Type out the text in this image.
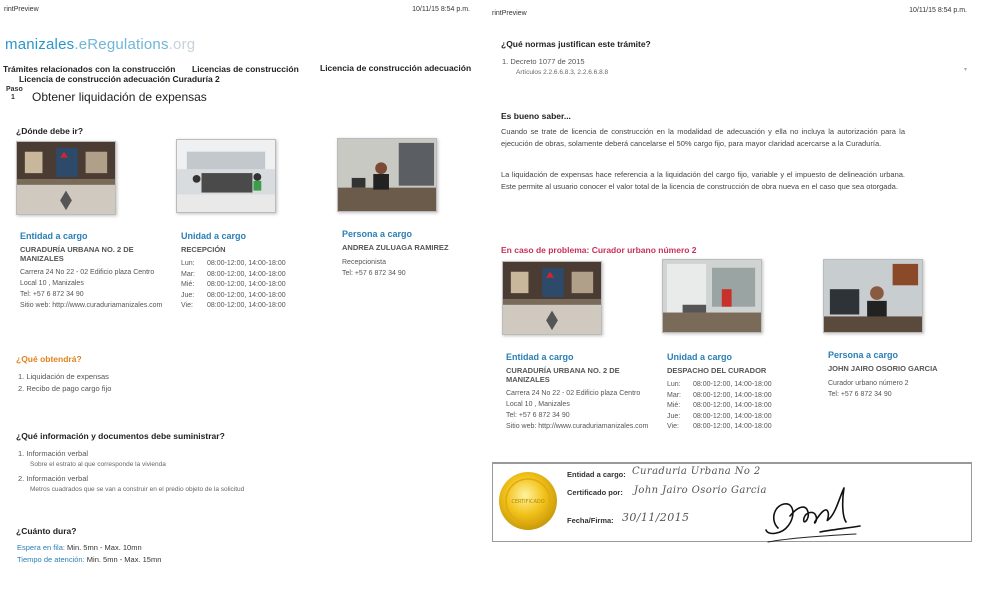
rintPreview	10/11/15 8:54 p.m.
manizales.eRegulations.org
Trámites relacionados con la construcción Licencias de construcción Licencia de construcción adecuación
Licencia de construcción adecuación Curaduría 2
Paso
1	Obtener liquidación de expensas
¿Dónde debe ir?
Entidad a cargo
CURADURÍA URBANA NO. 2 DE
MANIZALES
Carrera 24 No 22 - 02 Edificio plaza Centro
Local 10 , Manizales
Tel: +57 6 872 34 90
Sitio web: http://www.curaduriamanizales.com
Unidad a cargo
RECEPCIÓN
Lun:	08:00-12:00, 14:00-18:00
Mar:	08:00-12:00, 14:00-18:00
Mié:	08:00-12:00, 14:00-18:00
Jue:	08:00-12:00, 14:00-18:00
Vie:	08:00-12:00, 14:00-18:00
Persona a cargo
ANDREA ZULUAGA RAMIREZ
Recepcionista
Tel: +57 6 872 34 90
¿Qué obtendrá?
1. Liquidación de expensas
2. Recibo de pago cargo fijo
¿Qué información y documentos debe suministrar?
1. Información verbal
Sobre el estrato al que corresponde la vivienda
2. Información verbal
Metros cuadrados que se van a construir en el predio objeto de la solicitud
¿Cuánto dura?
Espera en fila: Min. 5mn - Max. 10mn
Tiempo de atención: Min. 5mn - Max. 15mn
rintPreview	10/11/15 8:54 p.m.
¿Qué normas justifican este trámite?
1. Decreto 1077 de 2015
Artículos 2.2.6.6.8.3, 2.2.6.6.8.8	▾
Es bueno saber...
Cuando se trate de licencia de construcción en la modalidad de adecuación y ella no incluya la autorización para la ejecución de obras, solamente deberá cancelarse el 50% cargo fijo, para mayor claridad acercarse a la Curaduría.
La liquidación de expensas hace referencia a la liquidación del cargo fijo, variable y el impuesto de delineación urbana. Este permite al usuario conocer el valor total de la licencia de construcción de obra nueva en el caso que sea otorgada.
En caso de problema: Curador urbano número 2
Entidad a cargo
CURADURÍA URBANA NO. 2 DE
MANIZALES
Carrera 24 No 22 - 02 Edificio plaza Centro
Local 10 , Manizales
Tel: +57 6 872 34 90
Sitio web: http://www.curaduriamanizales.com
Unidad a cargo
DESPACHO DEL CURADOR
Lun:	08:00-12:00, 14:00-18:00
Mar:	08:00-12:00, 14:00-18:00
Mié:	08:00-12:00, 14:00-18:00
Jue:	08:00-12:00, 14:00-18:00
Vie:	08:00-12:00, 14:00-18:00
Persona a cargo
JOHN JAIRO OSORIO GARCIA
Curador urbano número 2
Tel: +57 6 872 34 90
CERTIFICADO
Entidad a cargo: Curaduria Urbana No 2
Certificado por: John Jairo Osorio Garcia
Fecha/Firma: 30/11/2015
